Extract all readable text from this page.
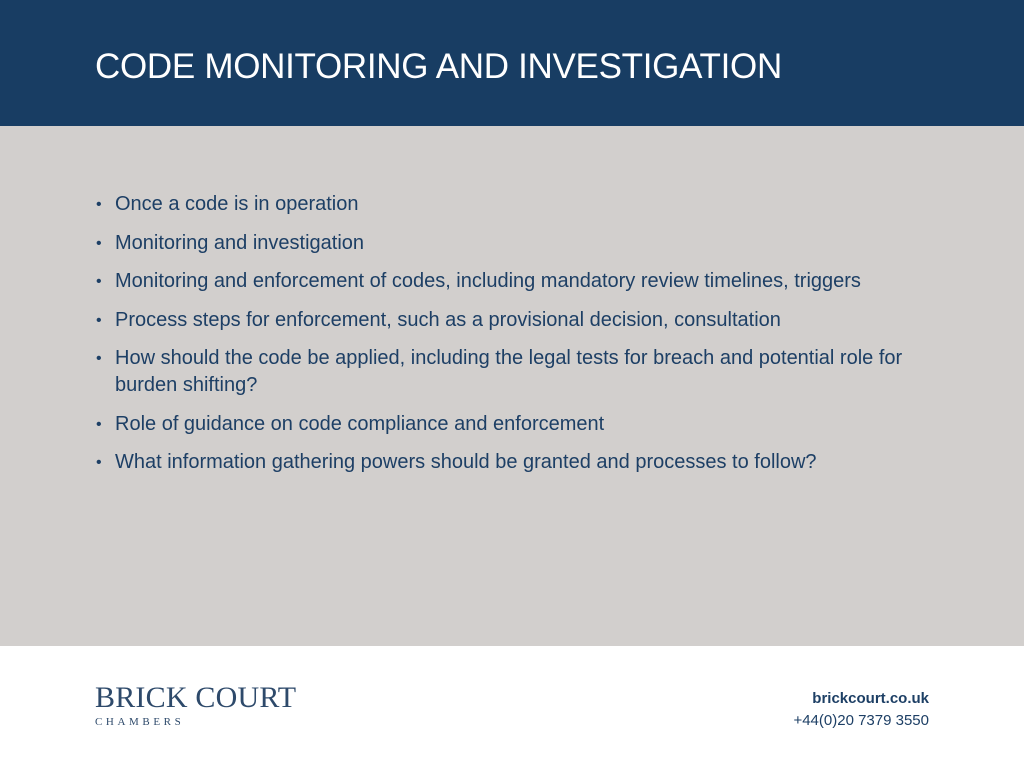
CODE MONITORING AND INVESTIGATION
• Once a code is in operation
• Monitoring and investigation
• Monitoring and enforcement of codes, including mandatory review timelines, triggers
• Process steps for enforcement, such as a provisional decision, consultation
• How should the code be applied, including the legal tests for breach and potential role for burden shifting?
• Role of guidance on code compliance and enforcement
• What information gathering powers should be granted and processes to follow?
BRICK COURT
CHAMBERS
brickcourt.co.uk
+44(0)20 7379 3550
